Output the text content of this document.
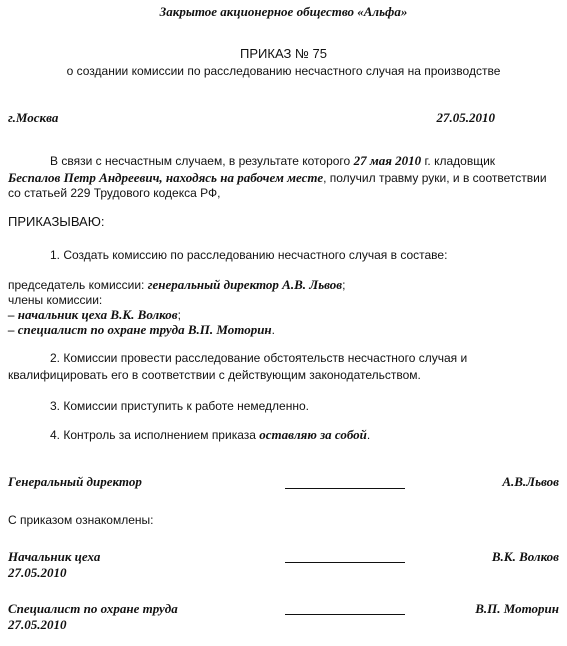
Закрытое акционерное общество «Альфа»
ПРИКАЗ № 75
о создании комиссии по расследованию несчастного случая на производстве
г.Москва	27.05.2010
В связи с несчастным случаем, в результате которого 27 мая 2010 г. кладовщик
Беспалов Петр Андреевич, находясь на рабочем месте, получил травму руки, и в соответствии
со статьей 229 Трудового кодекса РФ,
ПРИКАЗЫВАЮ:
1. Создать комиссию по расследованию несчастного случая в составе:
председатель комиссии: генеральный директор А.В. Львов;
члены комиссии:
– начальник цеха В.К. Волков;
– специалист по охране труда В.П. Моторин.
2. Комиссии провести расследование обстоятельств несчастного случая и
квалифицировать его в соответствии с действующим законодательством.
3. Комиссии приступить к работе немедленно.
4. Контроль за исполнением приказа оставляю за собой.
Генеральный директор	А.В.Львов
С приказом ознакомлены:
Начальник цеха
27.05.2010
В.К. Волков
Специалист по охране труда
27.05.2010
В.П. Моторин
